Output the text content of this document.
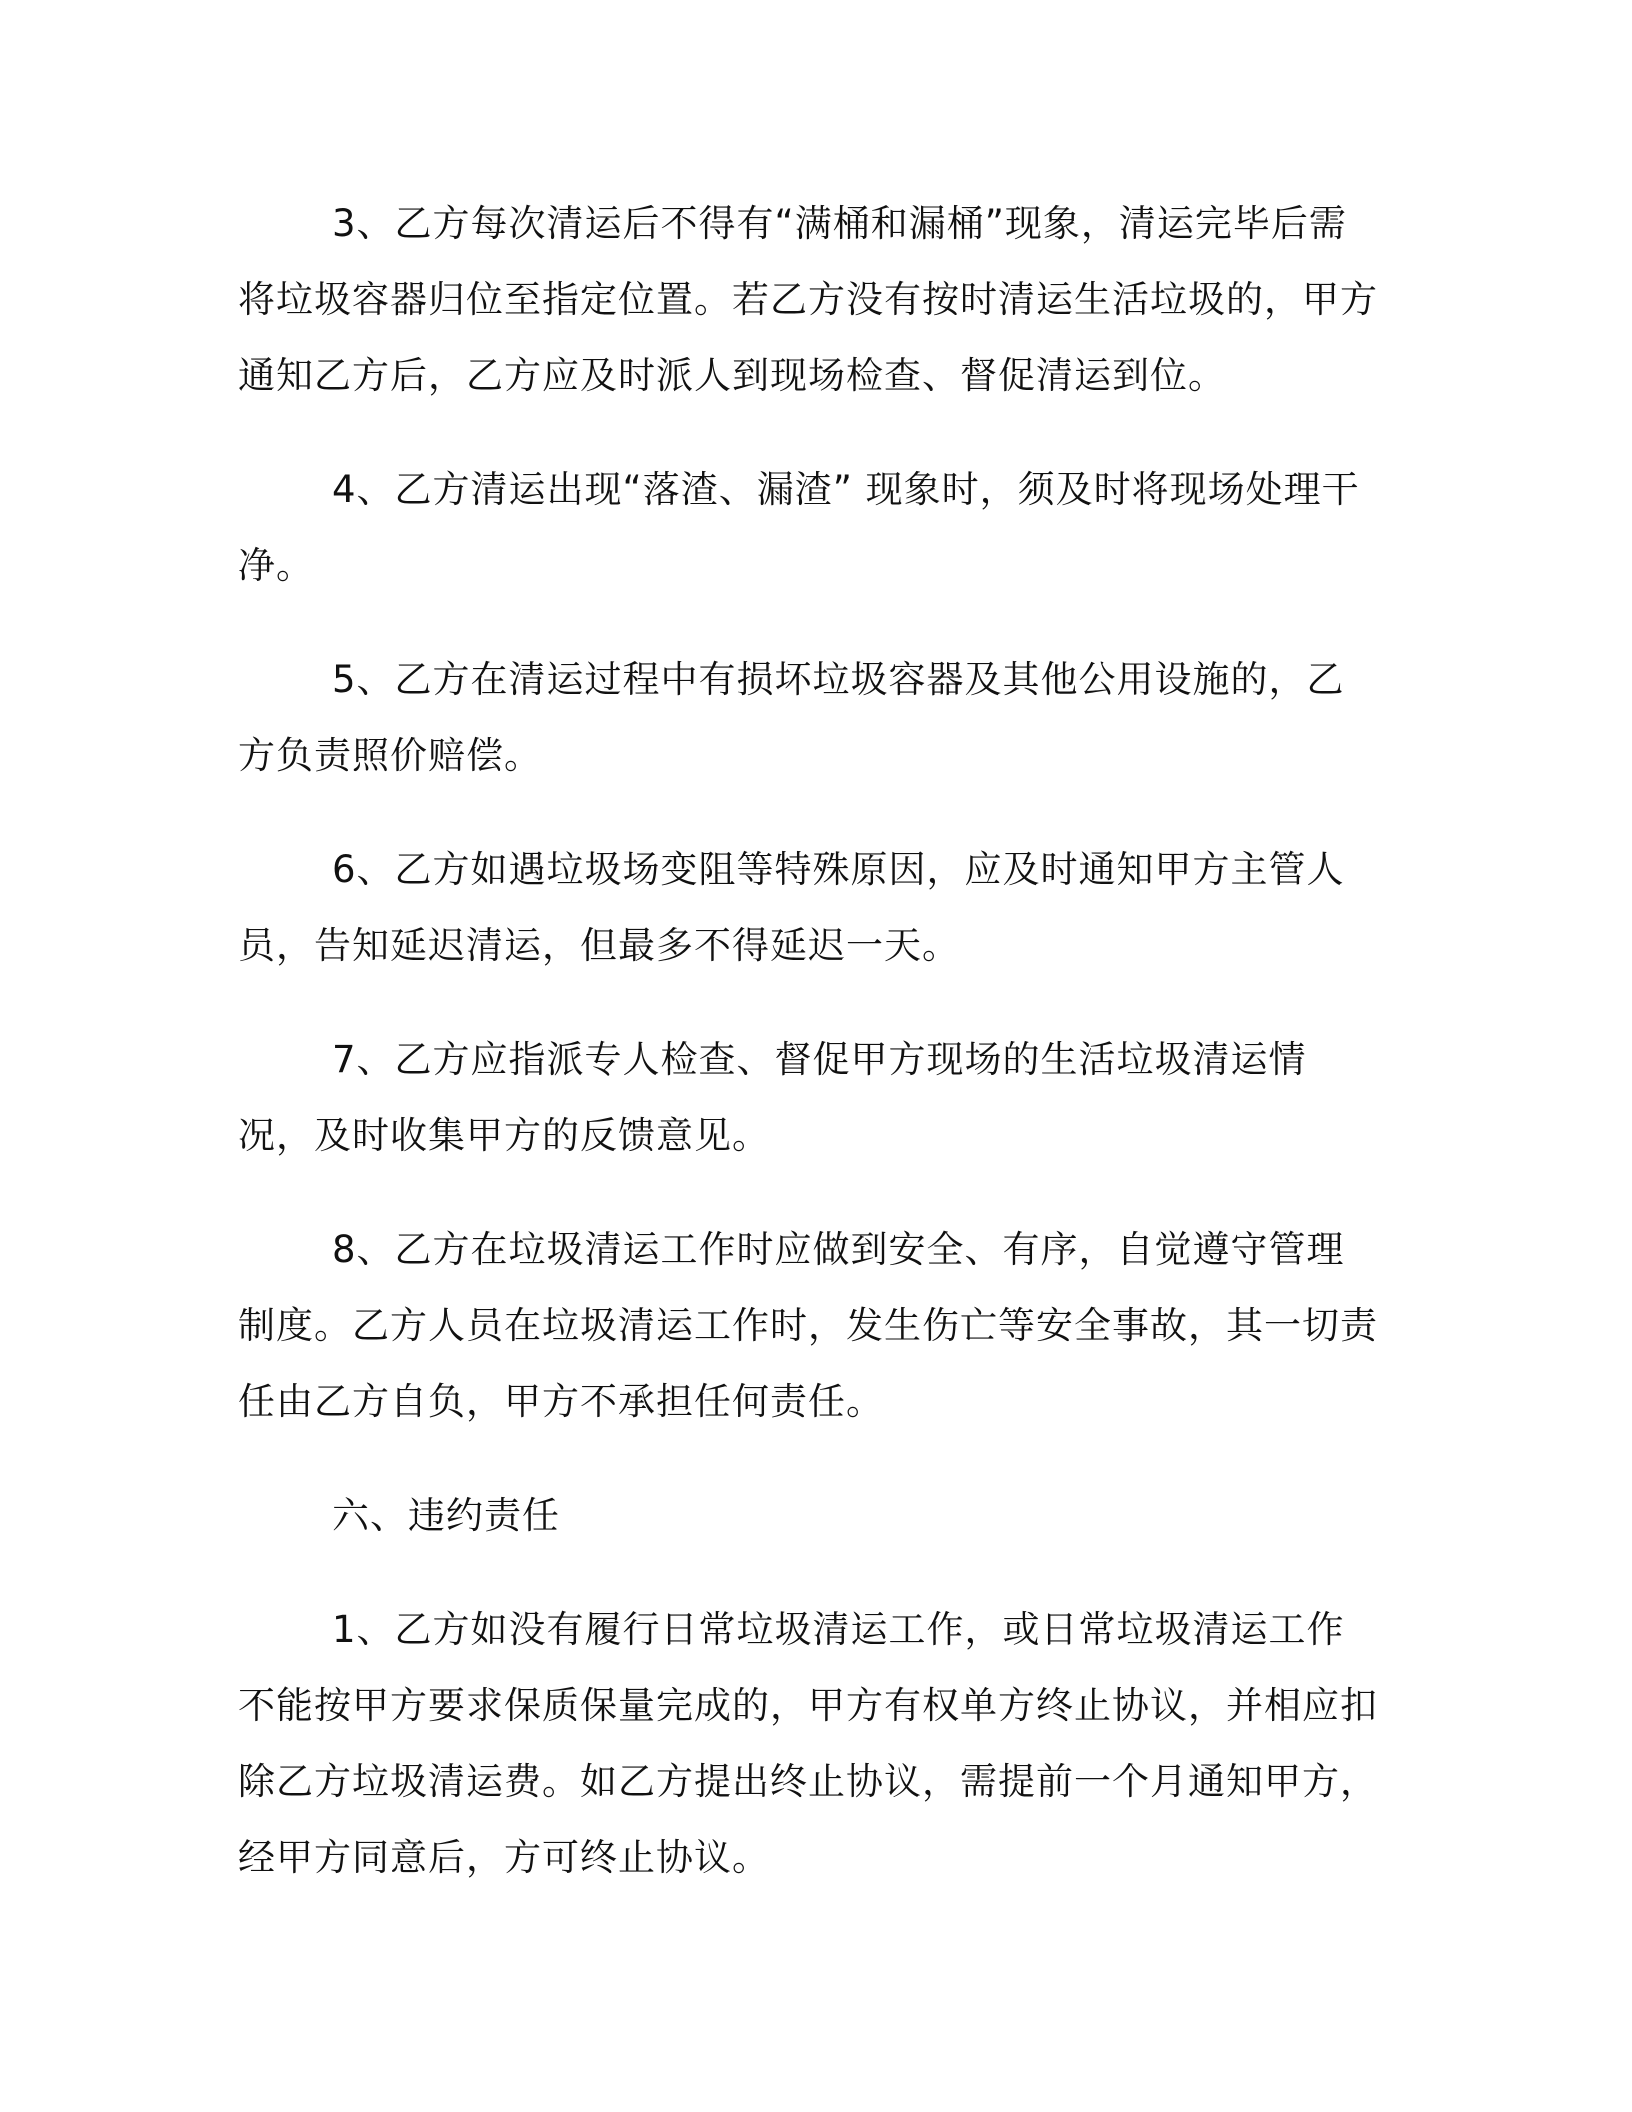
3、乙方每次清运后不得有“满桶和漏桶”现象，清运完毕后需将垃圾容器归位至指定位置。若乙方没有按时清运生活垃圾的，甲方通知乙方后，乙方应及时派人到现场检查、督促清运到位。

4、乙方清运出现“落渣、漏渣” 现象时，须及时将现场处理干净。

5、乙方在清运过程中有损坏垃圾容器及其他公用设施的，乙方负责照价赔偿。

6、乙方如遇垃圾场变阻等特殊原因，应及时通知甲方主管人员，告知延迟清运，但最多不得延迟一天。

7、乙方应指派专人检查、督促甲方现场的生活垃圾清运情况，及时收集甲方的反馈意见。

8、乙方在垃圾清运工作时应做到安全、有序，自觉遵守管理制度。乙方人员在垃圾清运工作时，发生伤亡等安全事故，其一切责任由乙方自负，甲方不承担任何责任。

六、违约责任

1、乙方如没有履行日常垃圾清运工作，或日常垃圾清运工作不能按甲方要求保质保量完成的，甲方有权单方终止协议，并相应扣除乙方垃圾清运费。如乙方提出终止协议，需提前一个月通知甲方，经甲方同意后，方可终止协议。
